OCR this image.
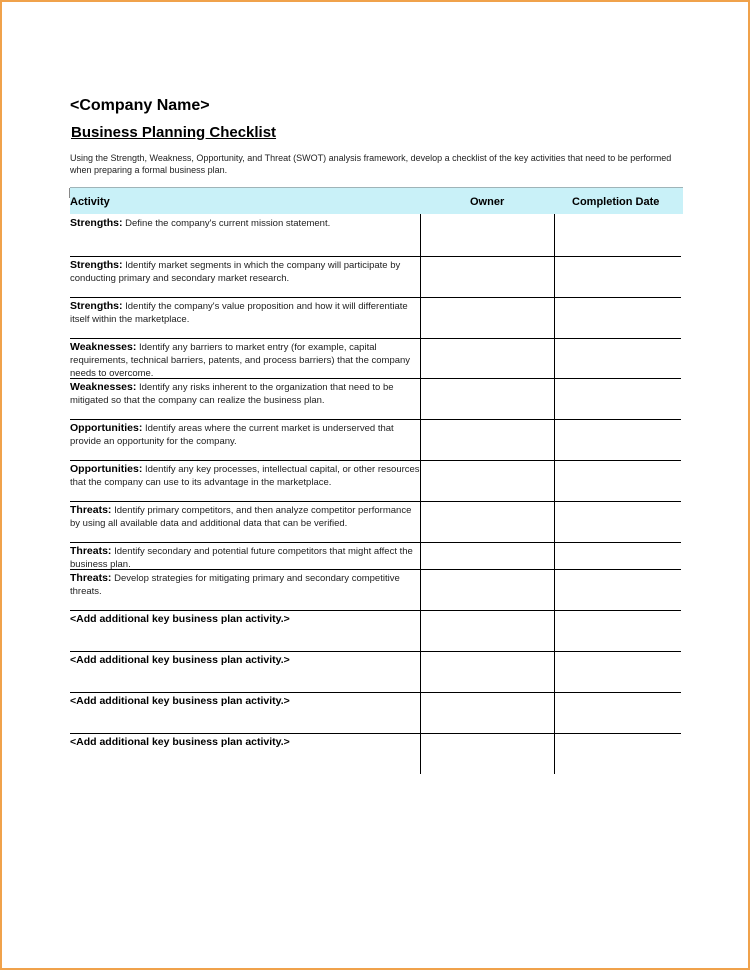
<Company Name>
Business Planning Checklist
Using the Strength, Weakness, Opportunity, and Threat (SWOT) analysis framework, develop a checklist of the key activities that need to be performed when preparing a formal business plan.
Activity	Owner	Completion Date
Strengths: Define the company's current mission statement.
Strengths: Identify market segments in which the company will participate by conducting primary and secondary market research.
Strengths: Identify the company's value proposition and how it will differentiate itself within the marketplace.
Weaknesses: Identify any barriers to market entry (for example, capital requirements, technical barriers, patents, and process barriers) that the company needs to overcome.
Weaknesses: Identify any risks inherent to the organization that need to be mitigated so that the company can realize the business plan.
Opportunities: Identify areas where the current market is underserved that provide an opportunity for the company.
Opportunities: Identify any key processes, intellectual capital, or other resources that the company can use to its advantage in the marketplace.
Threats: Identify primary competitors, and then analyze competitor performance by using all available data and additional data that can be verified.
Threats: Identify secondary and potential future competitors that might affect the business plan.
Threats: Develop strategies for mitigating primary and secondary competitive threats.
<Add additional key business plan activity.>
<Add additional key business plan activity.>
<Add additional key business plan activity.>
<Add additional key business plan activity.>
